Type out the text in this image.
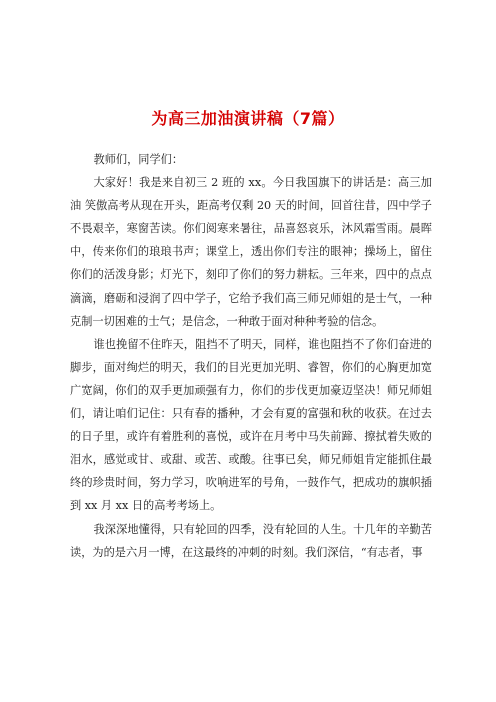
为高三加油演讲稿（7篇）

教师们，同学们：

大家好！我是来自初三 2 班的 xx。今日我国旗下的讲话是：高三加油 笑傲高考从现在开头，距高考仅剩 20 天的时间，回首往昔，四中学子不畏艰辛，寒窗苦读。你们阅寒来暑往，品喜怒哀乐，沐风霜雪雨。晨晖中，传来你们的琅琅书声；课堂上，透出你们专注的眼神；操场上，留住你们的活泼身影；灯光下，刻印了你们的努力耕耘。三年来，四中的点点滴滴，磨砺和浸润了四中学子，它给予我们高三师兄师姐的是士气，一种克制一切困难的士气；是信念，一种敢于面对种种考验的信念。

谁也挽留不住昨天，阻挡不了明天，同样，谁也阻挡不了你们奋进的脚步，面对绚烂的明天，我们的目光更加光明、睿智，你们的心胸更加宽广宽阔，你们的双手更加顽强有力，你们的步伐更加豪迈坚决！师兄师姐们，请让咱们记住：只有春的播种，才会有夏的富强和秋的收获。在过去的日子里，或许有着胜利的喜悦，或许在月考中马失前蹄、擦拭着失败的泪水，感觉或甘、或甜、或苦、或酸。往事已矣，师兄师姐肯定能抓住最终的珍贵时间，努力学习，吹响进军的号角，一鼓作气，把成功的旗帜插到 xx 月 xx 日的高考考场上。

我深深地懂得，只有轮回的四季，没有轮回的人生。十几年的辛勤苦读，为的是六月一博，在这最终的冲刺的时刻。我们深信，“有志者，事
